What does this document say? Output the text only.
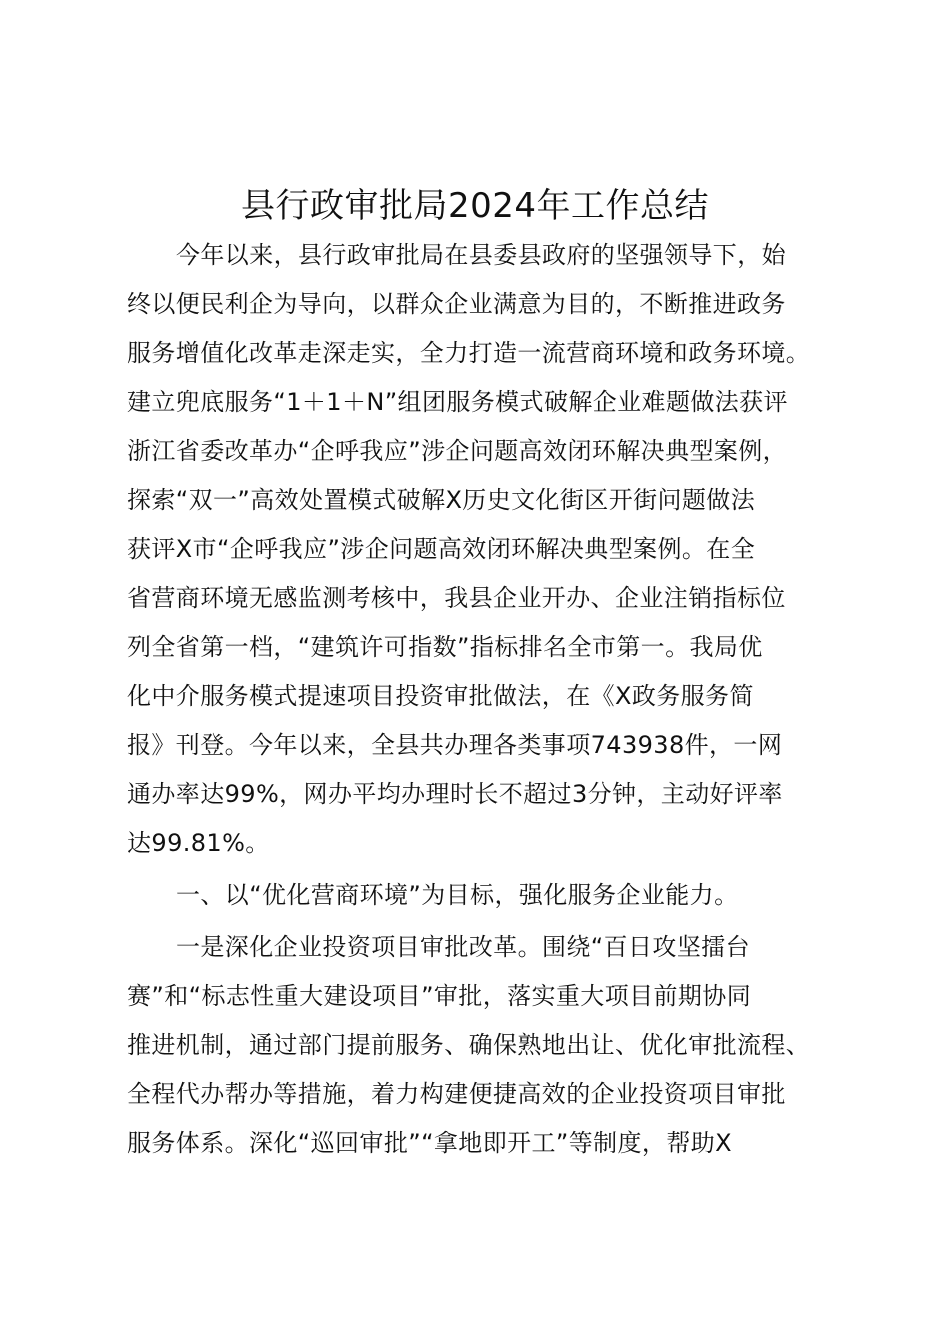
县行政审批局2024年工作总结
今年以来，县行政审批局在县委县政府的坚强领导下，始
终以便民利企为导向，以群众企业满意为目的，不断推进政务
服务增值化改革走深走实，全力打造一流营商环境和政务环境。
建立兜底服务“1＋1＋N”组团服务模式破解企业难题做法获评
浙江省委改革办“企呼我应”涉企问题高效闭环解决典型案例，
探索“双一”高效处置模式破解X历史文化街区开街问题做法
获评X市“企呼我应”涉企问题高效闭环解决典型案例。在全
省营商环境无感监测考核中，我县企业开办、企业注销指标位
列全省第一档，“建筑许可指数”指标排名全市第一。我局优
化中介服务模式提速项目投资审批做法，在《X政务服务简
报》刊登。今年以来，全县共办理各类事项743938件，一网
通办率达99%，网办平均办理时长不超过3分钟，主动好评率
达99.81%。
一、以“优化营商环境”为目标，强化服务企业能力。
一是深化企业投资项目审批改革。围绕“百日攻坚擂台
赛”和“标志性重大建设项目”审批，落实重大项目前期协同
推进机制，通过部门提前服务、确保熟地出让、优化审批流程、
全程代办帮办等措施，着力构建便捷高效的企业投资项目审批
服务体系。深化“巡回审批”“拿地即开工”等制度，帮助X
